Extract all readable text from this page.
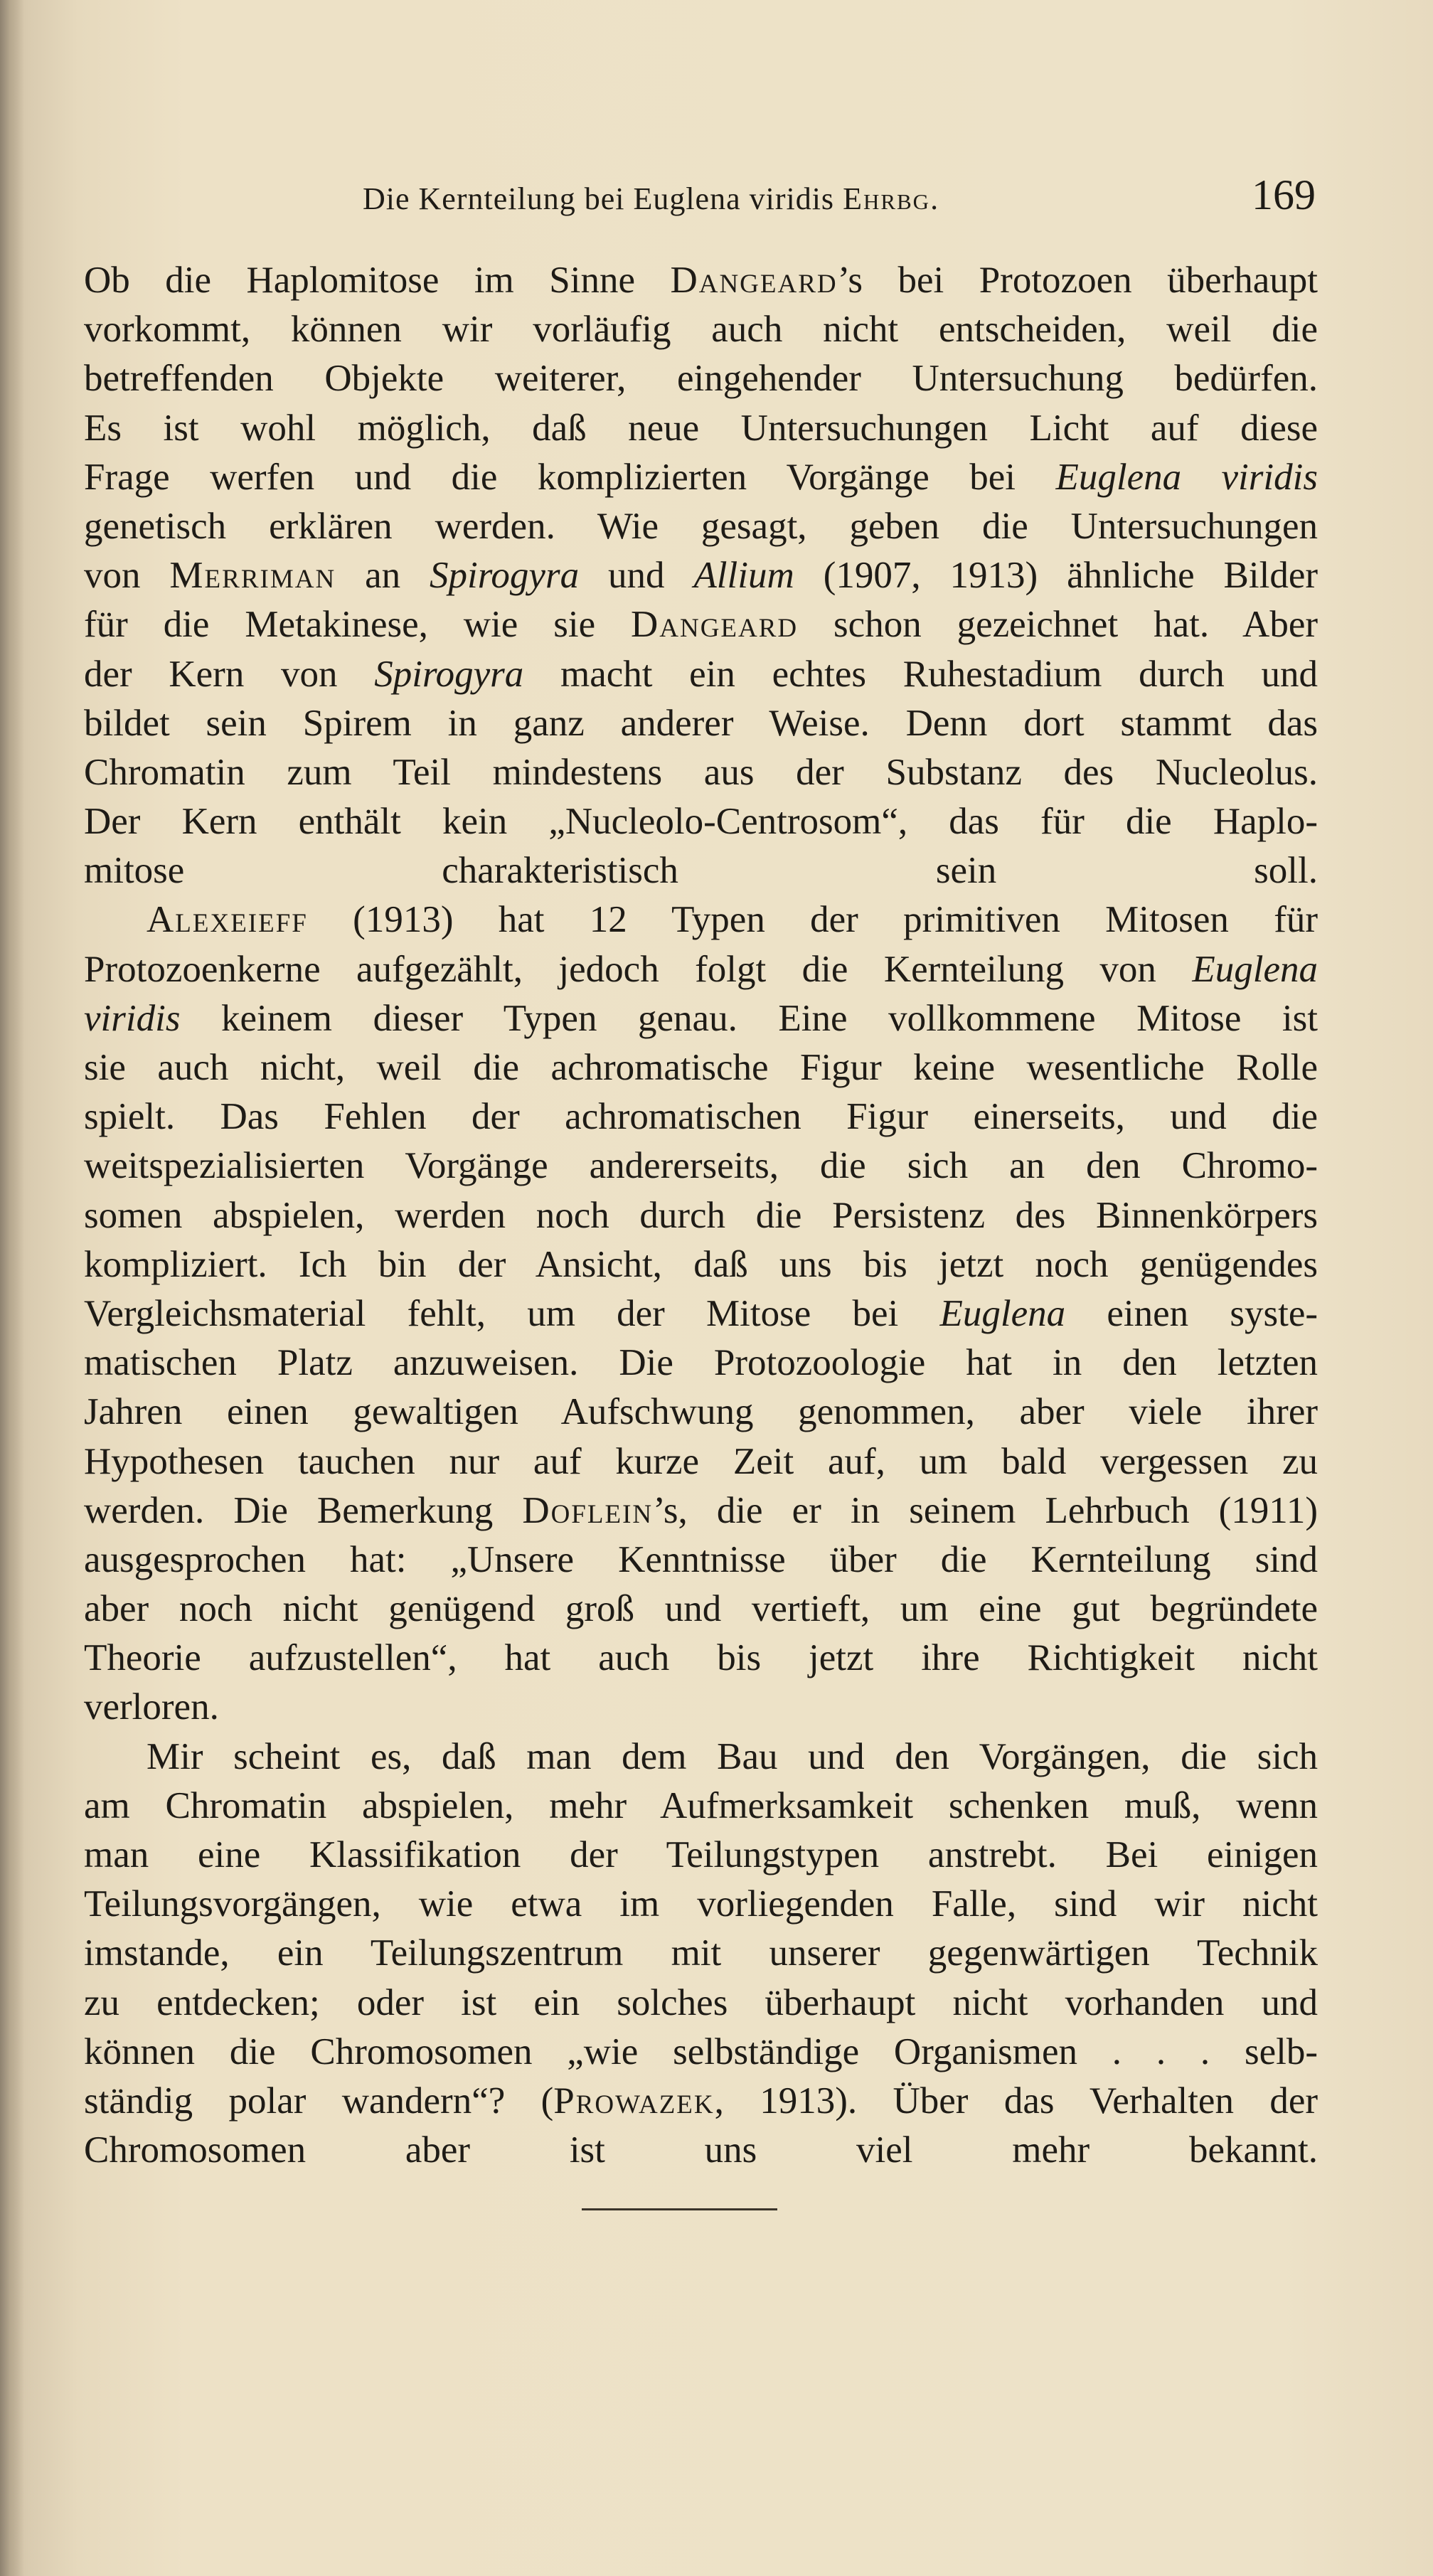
Die Kernteilung bei Euglena viridis Ehrbg.	169
Ob die Haplomitose im Sinne Dangeard’s bei Protozoen überhaupt
vorkommt, können wir vorläufig auch nicht entscheiden, weil die
betreffenden Objekte weiterer, eingehender Untersuchung bedürfen.
Es ist wohl möglich, daß neue Untersuchungen Licht auf diese
Frage werfen und die komplizierten Vorgänge bei Euglena viridis
genetisch erklären werden. Wie gesagt, geben die Untersuchungen
von Merriman an Spirogyra und Allium (1907, 1913) ähnliche Bilder
für die Metakinese, wie sie Dangeard schon gezeichnet hat. Aber
der Kern von Spirogyra macht ein echtes Ruhestadium durch und
bildet sein Spirem in ganz anderer Weise. Denn dort stammt das
Chromatin zum Teil mindestens aus der Substanz des Nucleolus.
Der Kern enthält kein „Nucleolo-Centrosom“, das für die Haplo-
mitose charakteristisch sein soll.
Alexeieff (1913) hat 12 Typen der primitiven Mitosen für
Protozoenkerne aufgezählt, jedoch folgt die Kernteilung von Euglena
viridis keinem dieser Typen genau. Eine vollkommene Mitose ist
sie auch nicht, weil die achromatische Figur keine wesentliche Rolle
spielt. Das Fehlen der achromatischen Figur einerseits, und die
weitspezialisierten Vorgänge andererseits, die sich an den Chromo-
somen abspielen, werden noch durch die Persistenz des Binnenkörpers
kompliziert. Ich bin der Ansicht, daß uns bis jetzt noch genügendes
Vergleichsmaterial fehlt, um der Mitose bei Euglena einen syste-
matischen Platz anzuweisen. Die Protozoologie hat in den letzten
Jahren einen gewaltigen Aufschwung genommen, aber viele ihrer
Hypothesen tauchen nur auf kurze Zeit auf, um bald vergessen zu
werden. Die Bemerkung Doflein’s, die er in seinem Lehrbuch (1911)
ausgesprochen hat: „Unsere Kenntnisse über die Kernteilung sind
aber noch nicht genügend groß und vertieft, um eine gut begründete
Theorie aufzustellen“, hat auch bis jetzt ihre Richtigkeit nicht
verloren.
Mir scheint es, daß man dem Bau und den Vorgängen, die sich
am Chromatin abspielen, mehr Aufmerksamkeit schenken muß, wenn
man eine Klassifikation der Teilungstypen anstrebt. Bei einigen
Teilungsvorgängen, wie etwa im vorliegenden Falle, sind wir nicht
imstande, ein Teilungszentrum mit unserer gegenwärtigen Technik
zu entdecken; oder ist ein solches überhaupt nicht vorhanden und
können die Chromosomen „wie selbständige Organismen . . . selb-
ständig polar wandern“? (Prowazek, 1913). Über das Verhalten der
Chromosomen aber ist uns viel mehr bekannt.
